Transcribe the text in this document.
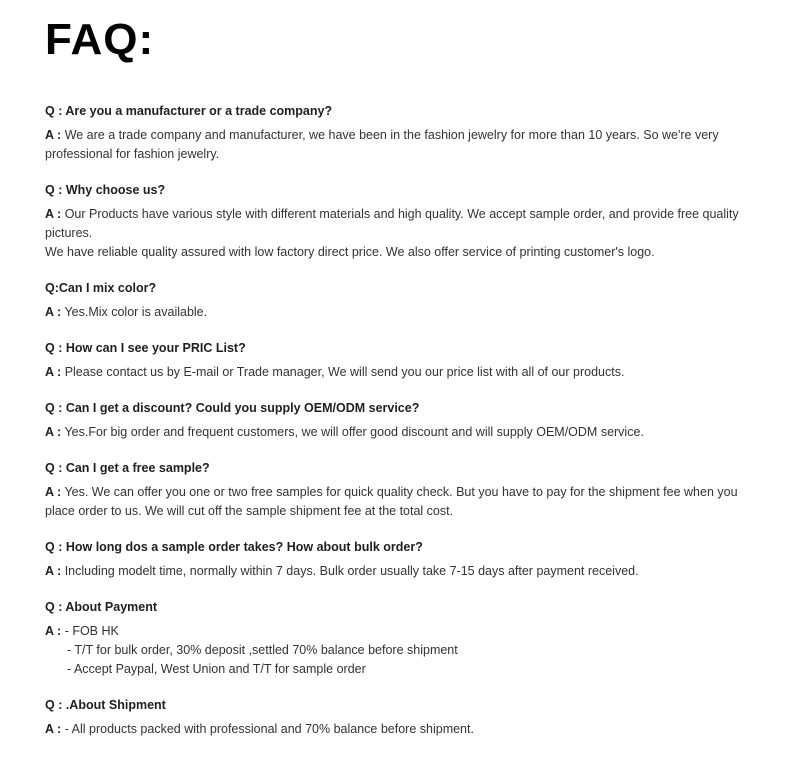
FAQ:

Q : Are you a manufacturer or a trade company?

A : We are a trade company and manufacturer, we have been in the fashion jewelry for more than 10 years. So we're very professional for fashion jewelry.

Q : Why choose us?

A : Our Products have various style with different materials and high quality. We accept sample order, and provide free quality pictures.

We have reliable quality assured with low factory direct price. We also offer service of printing customer's logo.

Q:Can I mix color?

A : Yes.Mix color is available.

Q : How can I see your PRIC List?

A : Please contact us by E-mail or Trade manager, We will send you our price list with all of our products.

Q : Can I get a discount? Could you supply OEM/ODM service?

A : Yes.For big order and frequent customers, we will offer good discount and will supply OEM/ODM service.

Q : Can I get a free sample?

A : Yes. We can offer you one or two free samples for quick quality check. But you have to pay for the shipment fee when you place order to us. We will cut off the sample shipment fee at the total cost.

Q : How long dos a sample order takes? How about bulk order?

A : Including modelt time, normally within 7 days. Bulk order usually take 7-15 days after payment received.

Q : About Payment

A : - FOB HK

- T/T for bulk order, 30% deposit ,settled 70% balance before shipment

- Accept Paypal, West Union and T/T for sample order

Q : .About Shipment

A : - All products packed with professional and 70% balance before shipment.
